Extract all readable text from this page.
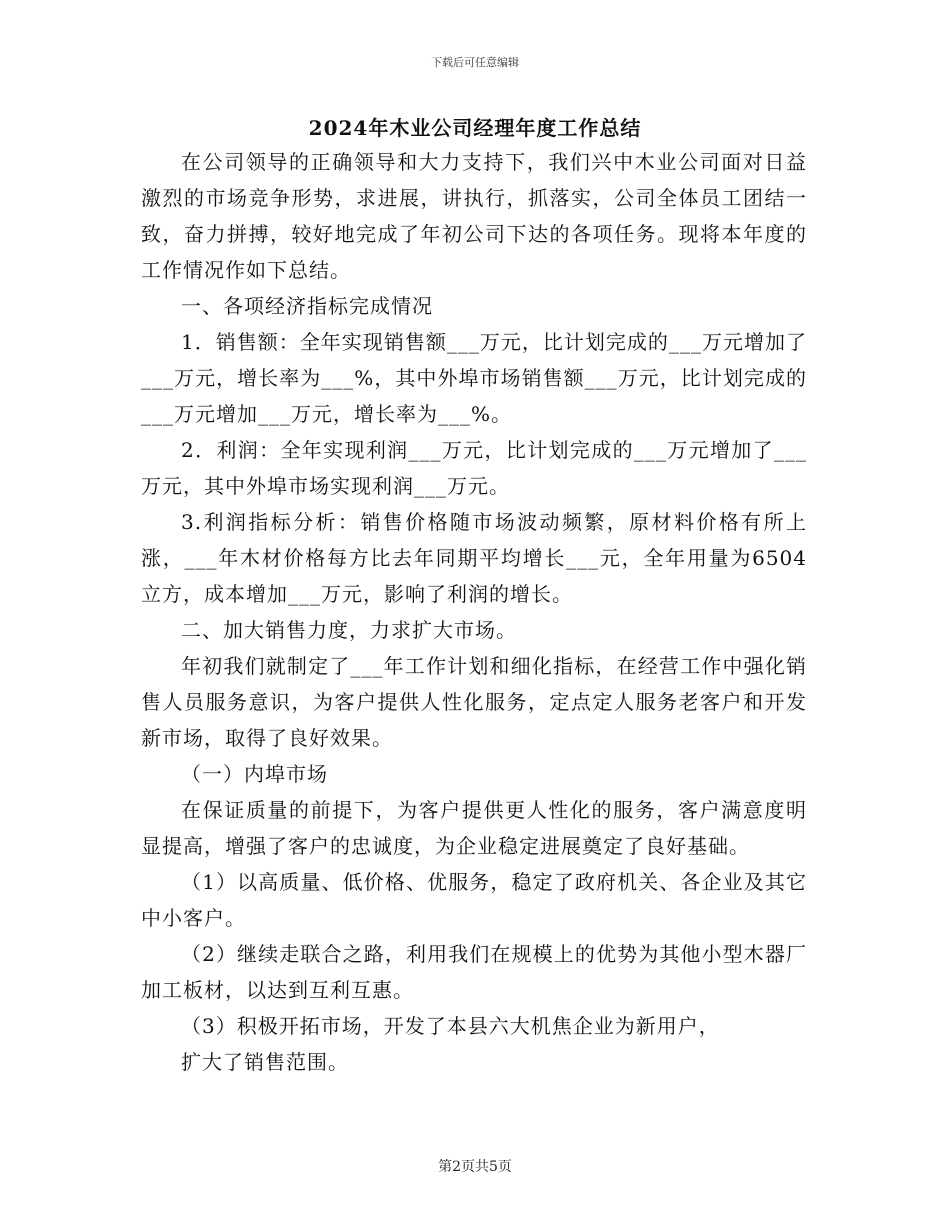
下载后可任意编辑
2024年木业公司经理年度工作总结

在公司领导的正确领导和大力支持下，我们兴中木业公司面对日益激烈的市场竞争形势，求进展，讲执行，抓落实，公司全体员工团结一致，奋力拼搏，较好地完成了年初公司下达的各项任务。现将本年度的工作情况作如下总结。

一、各项经济指标完成情况

1．销售额：全年实现销售额___万元，比计划完成的___万元增加了___万元，增长率为___%，其中外埠市场销售额___万元，比计划完成的___万元增加___万元，增长率为___%。

2．利润：全年实现利润___万元，比计划完成的___万元增加了___万元，其中外埠市场实现利润___万元。

3.利润指标分析：销售价格随市场波动频繁，原材料价格有所上涨，___年木材价格每方比去年同期平均增长___元，全年用量为6504立方，成本增加___万元，影响了利润的增长。

二、加大销售力度，力求扩大市场。

年初我们就制定了___年工作计划和细化指标，在经营工作中强化销售人员服务意识，为客户提供人性化服务，定点定人服务老客户和开发新市场，取得了良好效果。

（一）内埠市场

在保证质量的前提下，为客户提供更人性化的服务，客户满意度明显提高，增强了客户的忠诚度，为企业稳定进展奠定了良好基础。

（1）以高质量、低价格、优服务，稳定了政府机关、各企业及其它中小客户。

（2）继续走联合之路，利用我们在规模上的优势为其他小型木器厂加工板材，以达到互利互惠。

（3）积极开拓市场，开发了本县六大机焦企业为新用户，

扩大了销售范围。

第2页共5页
